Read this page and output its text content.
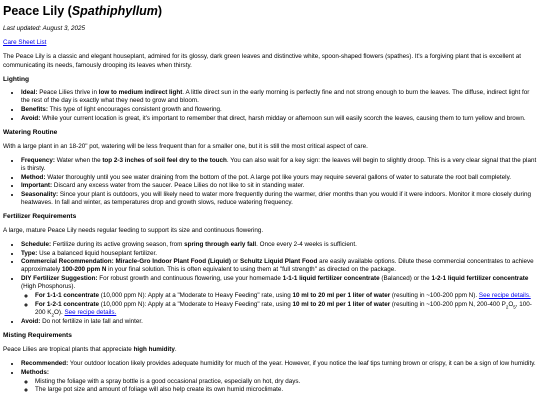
Peace Lily (Spathiphyllum)

Last updated: August 3, 2025

Care Sheet List

The Peace Lily is a classic and elegant houseplant, admired for its glossy, dark green leaves and distinctive white, spoon-shaped flowers (spathes). It's a forgiving plant that is excellent at communicating its needs, famously drooping its leaves when thirsty.

Lighting
• Ideal: Peace Lilies thrive in low to medium indirect light. A little direct sun in the early morning is perfectly fine and not strong enough to burn the leaves. The diffuse, indirect light for the rest of the day is exactly what they need to grow and bloom.
• Benefits: This type of light encourages consistent growth and flowering.
• Avoid: While your current location is great, it's important to remember that direct, harsh midday or afternoon sun will easily scorch the leaves, causing them to turn yellow and brown.
Watering Routine

With a large plant in an 18-20" pot, watering will be less frequent than for a smaller one, but it is still the most critical aspect of care.

• Frequency: Water when the top 2-3 inches of soil feel dry to the touch. You can also wait for a key sign: the leaves will begin to slightly droop. This is a very clear signal that the plant is thirsty.
• Method: Water thoroughly until you see water draining from the bottom of the pot. A large pot like yours may require several gallons of water to saturate the root ball completely.
• Important: Discard any excess water from the saucer. Peace Lilies do not like to sit in standing water.
• Seasonality: Since your plant is outdoors, you will likely need to water more frequently during the warmer, drier months than you would if it were indoors. Monitor it more closely during heatwaves. In fall and winter, as temperatures drop and growth slows, reduce watering frequency.
Fertilizer Requirements

A large, mature Peace Lily needs regular feeding to support its size and continuous flowering.

• Schedule: Fertilize during its active growing season, from spring through early fall. Once every 2-4 weeks is sufficient.
• Type: Use a balanced liquid houseplant fertilizer.
• Commercial Recommendation: Miracle-Gro Indoor Plant Food (Liquid) or Schultz Liquid Plant Food are easily available options. Dilute these commercial concentrates to achieve approximately 100-200 ppm N in your final solution. This is often equivalent to using them at "full strength" as directed on the package.
• DIY Fertilizer Suggestion: For robust growth and continuous flowering, use your homemade 1-1-1 liquid fertilizer concentrate (Balanced) or the 1-2-1 liquid fertilizer concentrate (High Phosphorus).
◦ For 1-1-1 concentrate (10,000 ppm N): Apply at a "Moderate to Heavy Feeding" rate, using 10 ml to 20 ml per 1 liter of water (resulting in ~100-200 ppm N). See recipe details.
◦ For 1-2-1 concentrate (10,000 ppm N): Apply at a "Moderate to Heavy Feeding" rate, using 10 ml to 20 ml per 1 liter of water (resulting in ~100-200 ppm N, 200-400 $P_2O_5$, 100-200 $K_2O$). See recipe details.
• Avoid: Do not fertilize in late fall and winter.
Misting Requirements

Peace Lilies are tropical plants that appreciate high humidity.

• Recommended: Your outdoor location likely provides adequate humidity for much of the year. However, if you notice the leaf tips turning brown or crispy, it can be a sign of low humidity.
• Methods:
◦ Misting the foliage with a spray bottle is a good occasional practice, especially on hot, dry days.
◦ The large pot size and amount of foliage will also help create its own humid microclimate.
